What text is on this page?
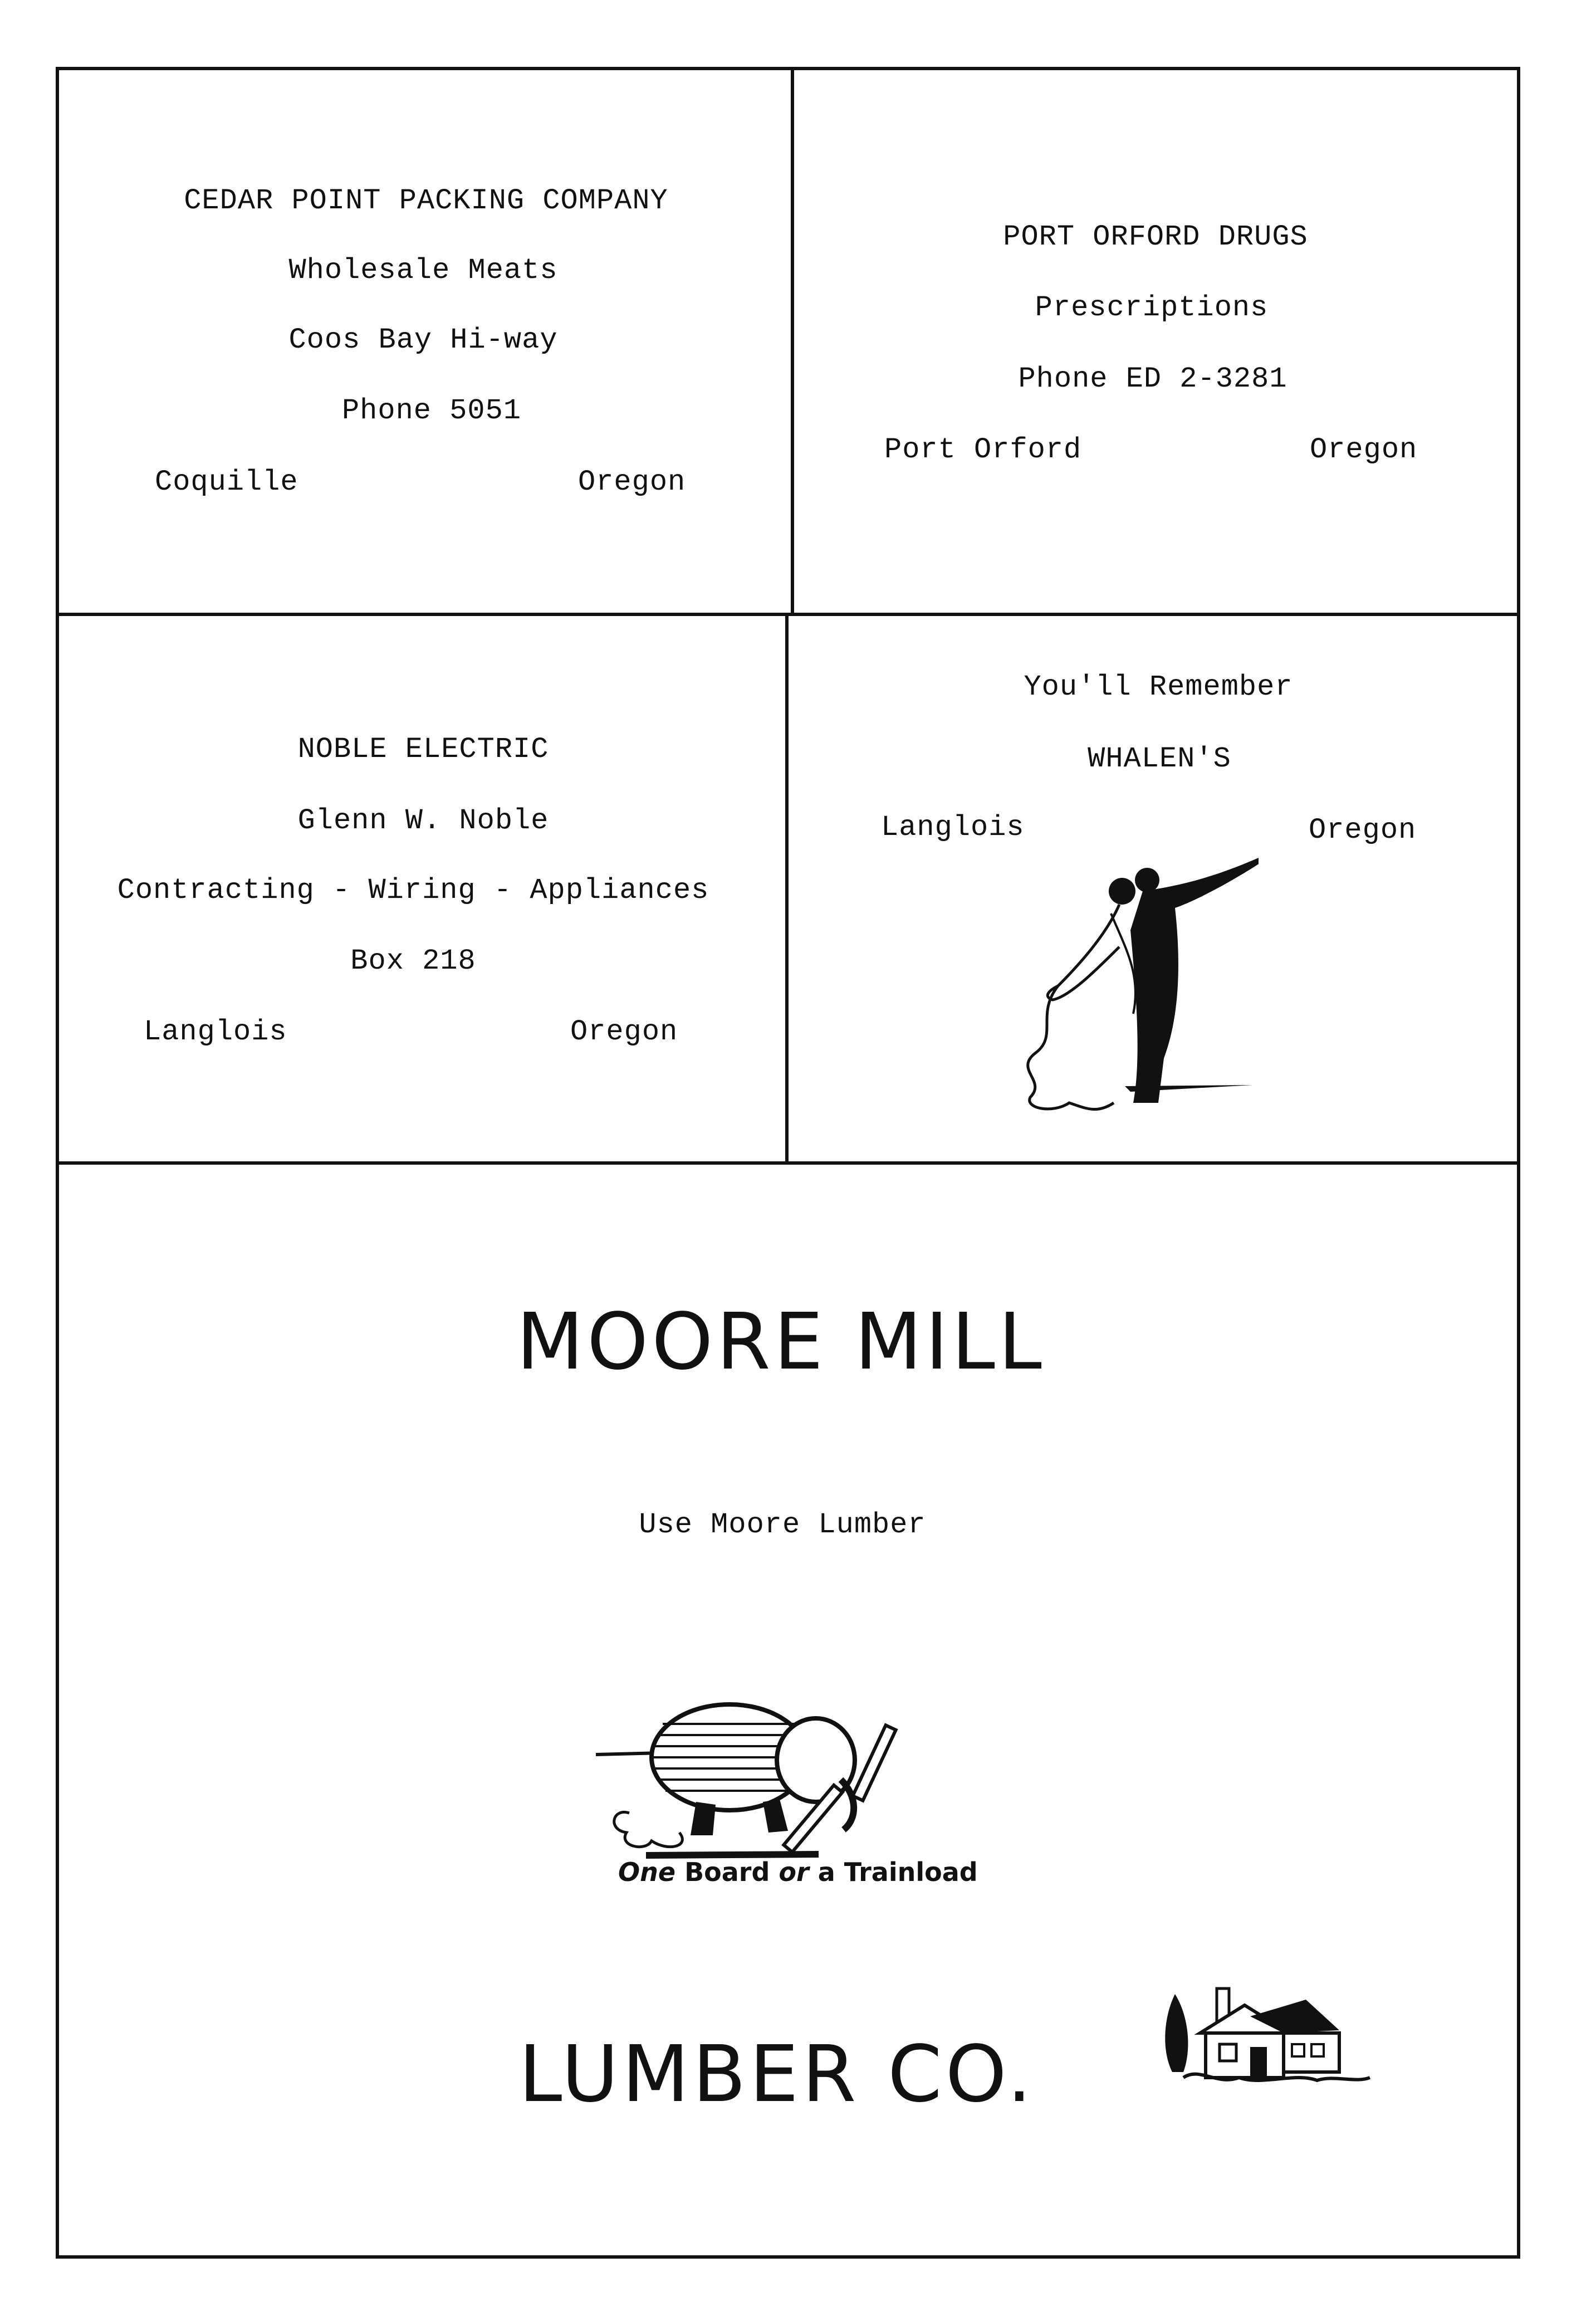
CEDAR POINT PACKING COMPANY
Wholesale Meats
Coos Bay Hi-way
Phone 5051
Coquille	Oregon
PORT ORFORD DRUGS
Prescriptions
Phone ED 2-3281
Port Orford	Oregon
NOBLE ELECTRIC
Glenn W. Noble
Contracting - Wiring - Appliances
Box 218
Langlois	Oregon
You'll Remember
WHALEN'S
Langlois	Oregon
MOORE MILL
Use Moore Lumber
One Board or a Trainload
LUMBER CO.
